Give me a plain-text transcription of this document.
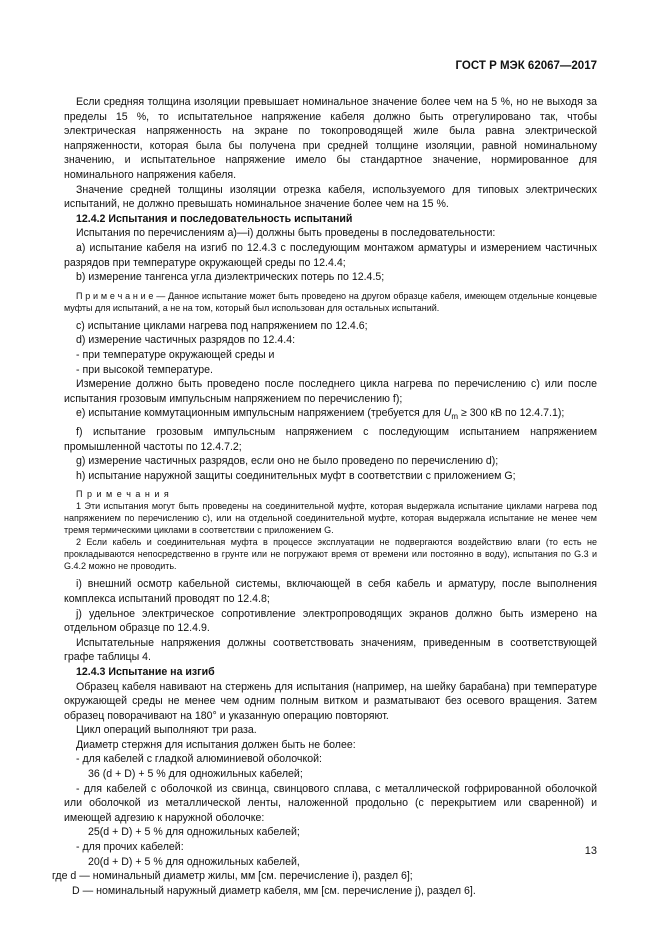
ГОСТ Р МЭК 62067—2017

Если средняя толщина изоляции превышает номинальное значение более чем на 5 %, но не выходя за пределы 15 %, то испытательное напряжение кабеля должно быть отрегулировано так, чтобы электрическая напряженность на экране по токопроводящей жиле была равна электрической напряженности, которая была бы получена при средней толщине изоляции, равной номинальному значению, и испытательное напряжение имело бы стандартное значение, нормированное для номинального напряжения кабеля.

Значение средней толщины изоляции отрезка кабеля, используемого для типовых электрических испытаний, не должно превышать номинальное значение более чем на 15 %.

12.4.2 Испытания и последовательность испытаний

Испытания по перечислениям а)—i) должны быть проведены в последовательности:

а) испытание кабеля на изгиб по 12.4.3 с последующим монтажом арматуры и измерением частичных разрядов при температуре окружающей среды по 12.4.4;

b) измерение тангенса угла диэлектрических потерь по 12.4.5;

П р и м е ч а н и е — Данное испытание может быть проведено на другом образце кабеля, имеющем отдельные концевые муфты для испытаний, а не на том, который был использован для остальных испытаний.

c) испытание циклами нагрева под напряжением по 12.4.6;

d) измерение частичных разрядов по 12.4.4:

- при температуре окружающей среды и

- при высокой температуре.

Измерение должно быть проведено после последнего цикла нагрева по перечислению с) или после испытания грозовым импульсным напряжением по перечислению f);

е) испытание коммутационным импульсным напряжением (требуется для $U_m \ge 300$ кВ по 12.4.7.1);

f) испытание грозовым импульсным напряжением с последующим испытанием напряжением промышленной частоты по 12.4.7.2;

g) измерение частичных разрядов, если оно не было проведено по перечислению d);

h) испытание наружной защиты соединительных муфт в соответствии с приложением G;

П р и м е ч а н и я

1 Эти испытания могут быть проведены на соединительной муфте, которая выдержала испытание циклами нагрева под напряжением по перечислению с), или на отдельной соединительной муфте, которая выдержала испытание не менее чем тремя термическими циклами в соответствии с приложением G.

2 Если кабель и соединительная муфта в процессе эксплуатации не подвергаются воздействию влаги (то есть не прокладываются непосредственно в грунте или не погружают время от времени или постоянно в воду), испытания по G.3 и G.4.2 можно не проводить.

i) внешний осмотр кабельной системы, включающей в себя кабель и арматуру, после выполнения комплекса испытаний проводят по 12.4.8;

j) удельное электрическое сопротивление электропроводящих экранов должно быть измерено на отдельном образце по 12.4.9.

Испытательные напряжения должны соответствовать значениям, приведенным в соответствующей графе таблицы 4.

12.4.3 Испытание на изгиб

Образец кабеля навивают на стержень для испытания (например, на шейку барабана) при температуре окружающей среды не менее чем одним полным витком и разматывают без осевого вращения. Затем образец поворачивают на 180° и указанную операцию повторяют.

Цикл операций выполняют три раза.

Диаметр стержня для испытания должен быть не более:

- для кабелей с гладкой алюминиевой оболочкой:

36 (d + D) + 5 % для одножильных кабелей;

- для кабелей с оболочкой из свинца, свинцового сплава, с металлической гофрированной оболочкой или оболочкой из металлической ленты, наложенной продольно (с перекрытием или сваренной) и имеющей адгезию к наружной оболочке:

25(d + D) + 5 % для одножильных кабелей;

- для прочих кабелей:

20(d + D) + 5 % для одножильных кабелей,

где d — номинальный диаметр жилы, мм [см. перечисление i), раздел 6];

D — номинальный наружный диаметр кабеля, мм [см. перечисление j), раздел 6].

13
